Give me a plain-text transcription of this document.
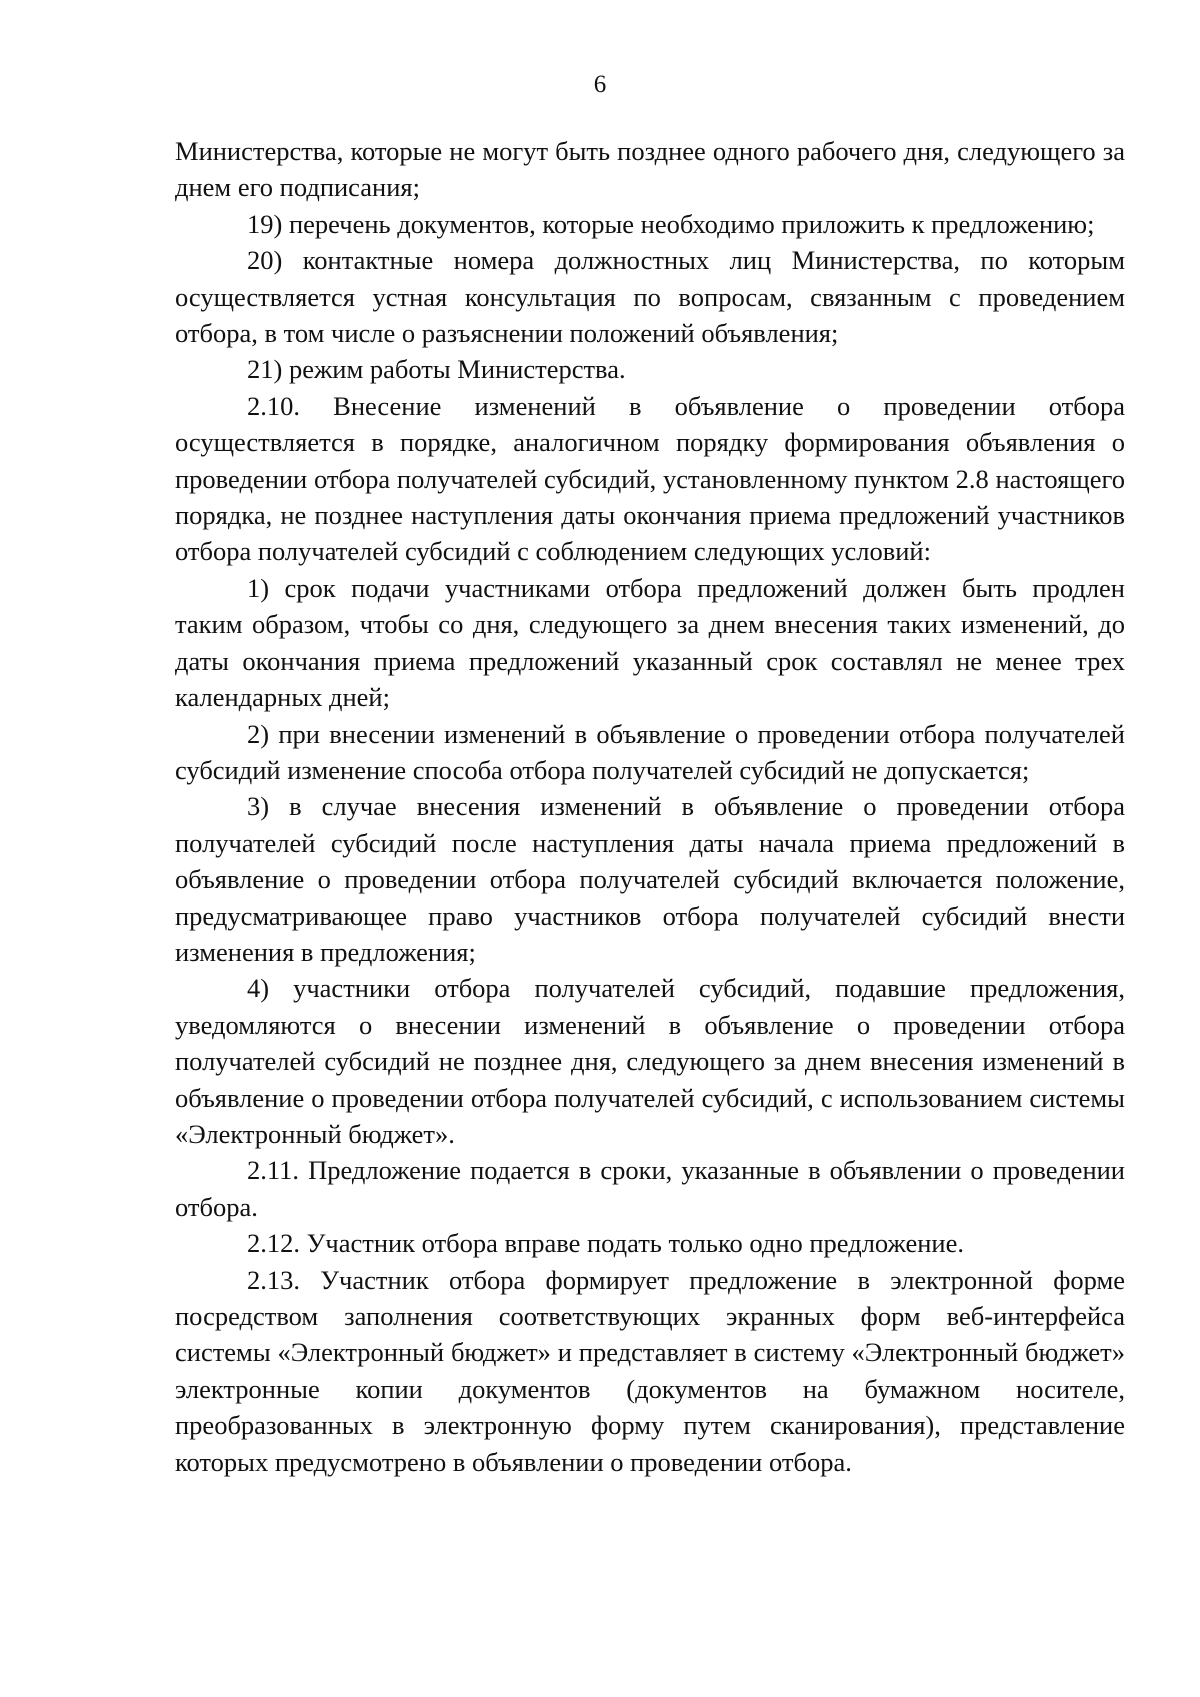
6

Министерства, которые не могут быть позднее одного рабочего дня, следующего за днем его подписания;

19) перечень документов, которые необходимо приложить к предложению;

20) контактные номера должностных лиц Министерства, по которым осуществляется устная консультация по вопросам, связанным с проведением отбора, в том числе о разъяснении положений объявления;

21) режим работы Министерства.

2.10. Внесение изменений в объявление о проведении отбора осуществляется в порядке, аналогичном порядку формирования объявления о проведении отбора получателей субсидий, установленному пунктом 2.8 настоящего порядка, не позднее наступления даты окончания приема предложений участников отбора получателей субсидий с соблюдением следующих условий:

1) срок подачи участниками отбора предложений должен быть продлен таким образом, чтобы со дня, следующего за днем внесения таких изменений, до даты окончания приема предложений указанный срок составлял не менее трех календарных дней;

2) при внесении изменений в объявление о проведении отбора получателей субсидий изменение способа отбора получателей субсидий не допускается;

3) в случае внесения изменений в объявление о проведении отбора получателей субсидий после наступления даты начала приема предложений в объявление о проведении отбора получателей субсидий включается положение, предусматривающее право участников отбора получателей субсидий внести изменения в предложения;

4) участники отбора получателей субсидий, подавшие предложения, уведомляются о внесении изменений в объявление о проведении отбора получателей субсидий не позднее дня, следующего за днем внесения изменений в объявление о проведении отбора получателей субсидий, с использованием системы «Электронный бюджет».

2.11. Предложение подается в сроки, указанные в объявлении о проведении отбора.

2.12. Участник отбора вправе подать только одно предложение.

2.13. Участник отбора формирует предложение в электронной форме посредством заполнения соответствующих экранных форм веб-интерфейса системы «Электронный бюджет» и представляет в систему «Электронный бюджет» электронные копии документов (документов на бумажном носителе, преобразованных в электронную форму путем сканирования), представление которых предусмотрено в объявлении о проведении отбора.
